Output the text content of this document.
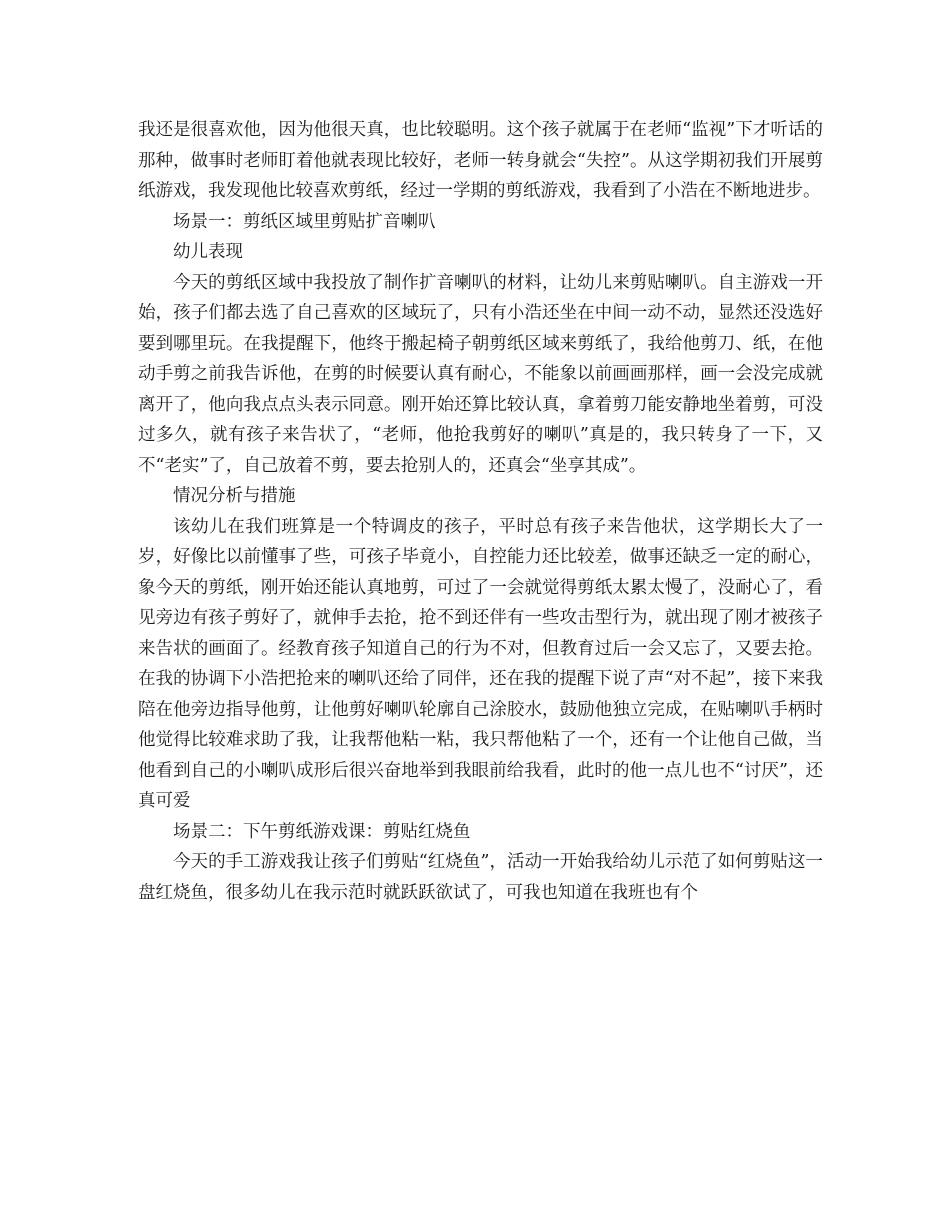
我还是很喜欢他，因为他很天真，也比较聪明。这个孩子就属于在老师“监视”下才听话的那种，做事时老师盯着他就表现比较好，老师一转身就会“失控”。从这学期初我们开展剪纸游戏，我发现他比较喜欢剪纸，经过一学期的剪纸游戏，我看到了小浩在不断地进步。

场景一：剪纸区域里剪贴扩音喇叭

幼儿表现

今天的剪纸区域中我投放了制作扩音喇叭的材料，让幼儿来剪贴喇叭。自主游戏一开始，孩子们都去选了自己喜欢的区域玩了，只有小浩还坐在中间一动不动，显然还没选好要到哪里玩。在我提醒下，他终于搬起椅子朝剪纸区域来剪纸了，我给他剪刀、纸，在他动手剪之前我告诉他，在剪的时候要认真有耐心，不能象以前画画那样，画一会没完成就离开了，他向我点点头表示同意。刚开始还算比较认真，拿着剪刀能安静地坐着剪，可没过多久，就有孩子来告状了，“老师，他抢我剪好的喇叭”真是的，我只转身了一下，又不“老实”了，自己放着不剪，要去抢别人的，还真会“坐享其成”。

情况分析与措施

该幼儿在我们班算是一个特调皮的孩子，平时总有孩子来告他状，这学期长大了一岁，好像比以前懂事了些，可孩子毕竟小，自控能力还比较差，做事还缺乏一定的耐心，象今天的剪纸，刚开始还能认真地剪，可过了一会就觉得剪纸太累太慢了，没耐心了，看见旁边有孩子剪好了，就伸手去抢，抢不到还伴有一些攻击型行为，就出现了刚才被孩子来告状的画面了。经教育孩子知道自己的行为不对，但教育过后一会又忘了，又要去抢。在我的协调下小浩把抢来的喇叭还给了同伴，还在我的提醒下说了声“对不起”，接下来我陪在他旁边指导他剪，让他剪好喇叭轮廓自己涂胶水，鼓励他独立完成，在贴喇叭手柄时他觉得比较难求助了我，让我帮他粘一粘，我只帮他粘了一个，还有一个让他自己做，当他看到自己的小喇叭成形后很兴奋地举到我眼前给我看，此时的他一点儿也不“讨厌”，还真可爱

场景二：下午剪纸游戏课：剪贴红烧鱼

今天的手工游戏我让孩子们剪贴“红烧鱼”，活动一开始我给幼儿示范了如何剪贴这一盘红烧鱼，很多幼儿在我示范时就跃跃欲试了，可我也知道在我班也有个
